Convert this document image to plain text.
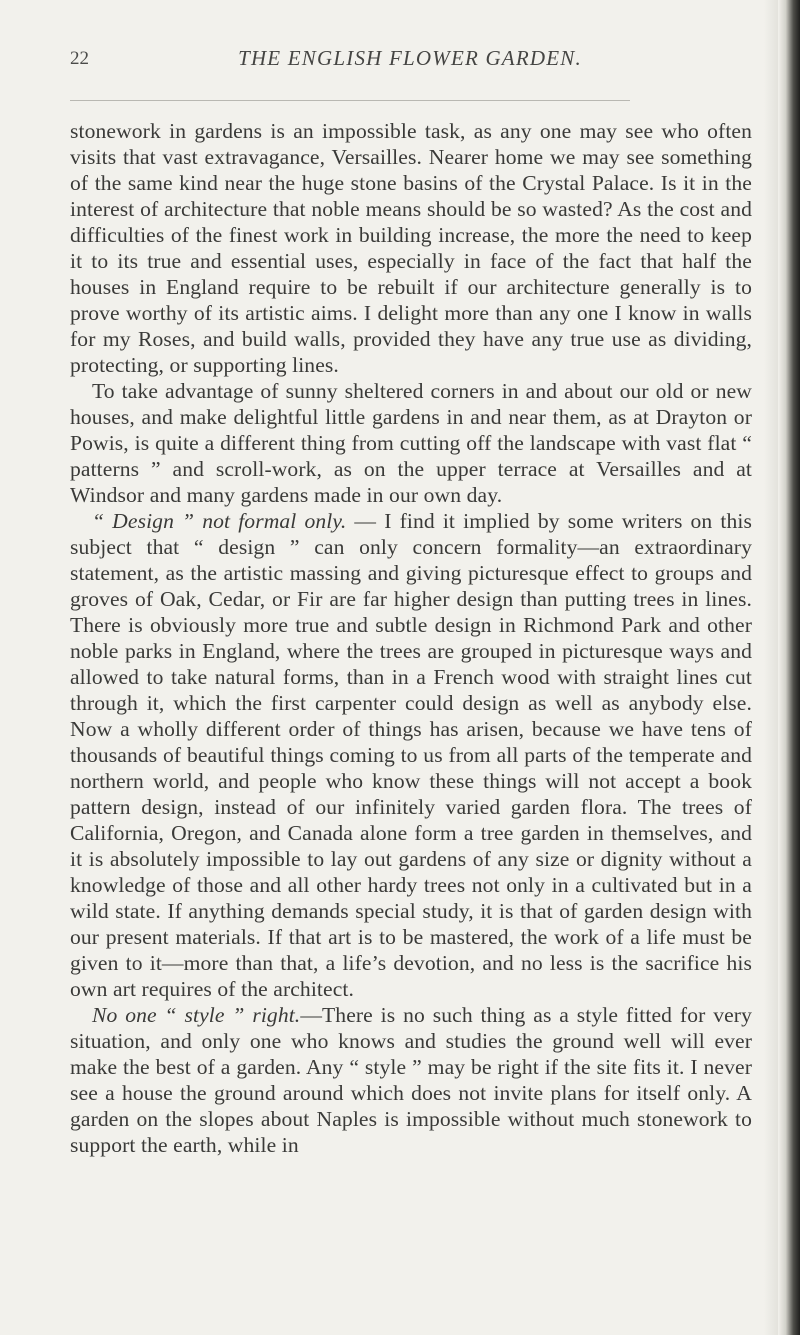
22	THE ENGLISH FLOWER GARDEN.

stonework in gardens is an impossible task, as any one may see who often visits that vast extravagance, Versailles. Nearer home we may see something of the same kind near the huge stone basins of the Crystal Palace. Is it in the interest of architecture that noble means should be so wasted? As the cost and difficulties of the finest work in building increase, the more the need to keep it to its true and essential uses, especially in face of the fact that half the houses in England require to be rebuilt if our architecture generally is to prove worthy of its artistic aims. I delight more than any one I know in walls for my Roses, and build walls, provided they have any true use as dividing, protecting, or supporting lines.

To take advantage of sunny sheltered corners in and about our old or new houses, and make delightful little gardens in and near them, as at Drayton or Powis, is quite a different thing from cutting off the landscape with vast flat “ patterns ” and scroll-work, as on the upper terrace at Versailles and at Windsor and many gardens made in our own day.

“ Design ” not formal only. — I find it implied by some writers on this subject that “ design ” can only concern formality—an extraordinary statement, as the artistic massing and giving picturesque effect to groups and groves of Oak, Cedar, or Fir are far higher design than putting trees in lines. There is obviously more true and subtle design in Richmond Park and other noble parks in England, where the trees are grouped in picturesque ways and allowed to take natural forms, than in a French wood with straight lines cut through it, which the first carpenter could design as well as anybody else. Now a wholly different order of things has arisen, because we have tens of thousands of beautiful things coming to us from all parts of the temperate and northern world, and people who know these things will not accept a book pattern design, instead of our infinitely varied garden flora. The trees of California, Oregon, and Canada alone form a tree garden in themselves, and it is absolutely impossible to lay out gardens of any size or dignity without a knowledge of those and all other hardy trees not only in a cultivated but in a wild state. If anything demands special study, it is that of garden design with our present materials. If that art is to be mastered, the work of a life must be given to it—more than that, a life’s devotion, and no less is the sacrifice his own art requires of the architect.

No one “ style ” right.—There is no such thing as a style fitted for very situation, and only one who knows and studies the ground well will ever make the best of a garden. Any “ style ” may be right if the site fits it. I never see a house the ground around which does not invite plans for itself only. A garden on the slopes about Naples is impossible without much stonework to support the earth, while in
